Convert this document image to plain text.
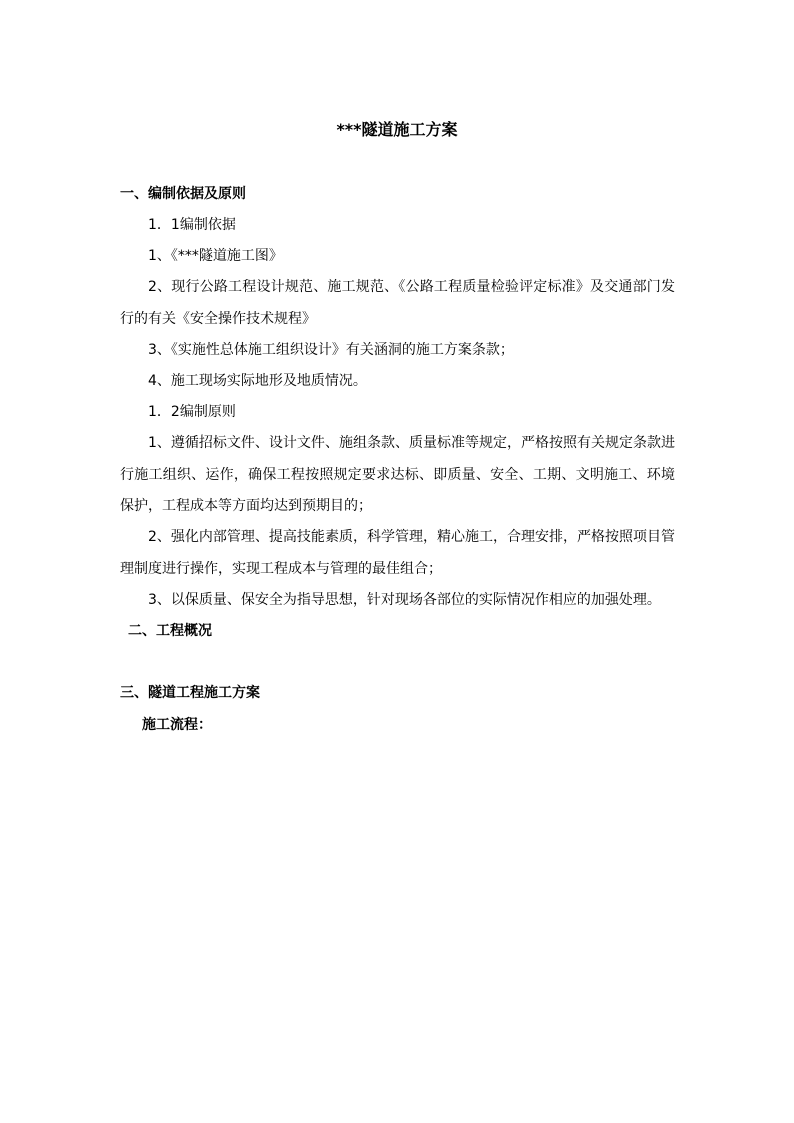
***隧道施工方案
一、编制依据及原则
1．1编制依据
1、《***隧道施工图》
2、现行公路工程设计规范、施工规范、《公路工程质量检验评定标准》及交通部门发行的有关《安全操作技术规程》
3、《实施性总体施工组织设计》有关涵洞的施工方案条款；
4、施工现场实际地形及地质情况。
1．2编制原则
1、遵循招标文件、设计文件、施组条款、质量标准等规定，严格按照有关规定条款进行施工组织、运作，确保工程按照规定要求达标、即质量、安全、工期、文明施工、环境保护，工程成本等方面均达到预期目的；
2、强化内部管理、提高技能素质，科学管理，精心施工，合理安排，严格按照项目管理制度进行操作，实现工程成本与管理的最佳组合；
3、以保质量、保安全为指导思想，针对现场各部位的实际情况作相应的加强处理。
二、工程概况
三、隧道工程施工方案
施工流程：
